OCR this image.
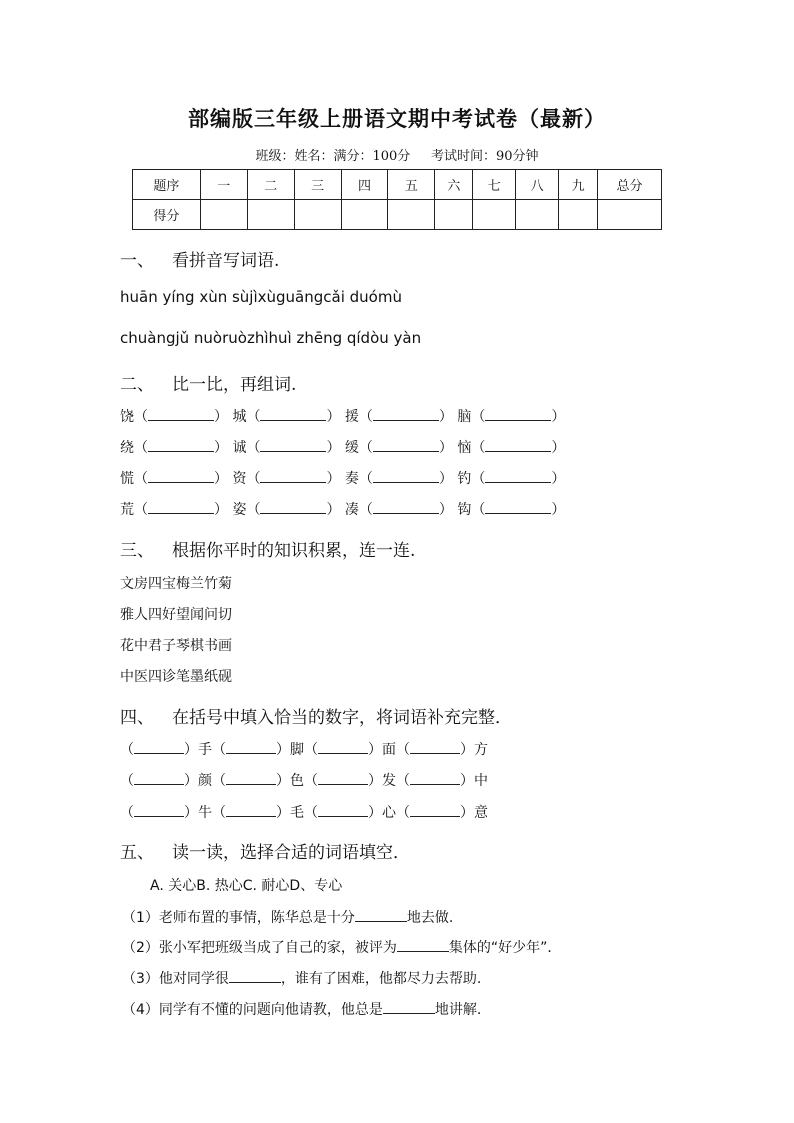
部编版三年级上册语文期中考试卷（最新）
班级：姓名：满分：100分 考试时间：90分钟
题序	一	二	三	四	五	六	七	八	九	总分
得分										
一、 看拼音写词语.
huān yíng xùn sùjìxùguāngcǎi duómù
chuàngjǔ nuòruòzhìhuì zhēng qídòu yàn
二、 比一比，再组词.
饶（	） 城（	） 援（	） 脑（	）
绕（	） 诚（	） 缓（	） 恼（	）
慌（	） 资（	） 奏（	） 钓（	）
荒（	） 姿（	） 凑（	） 钩（	）
三、 根据你平时的知识积累，连一连.
文房四宝梅兰竹菊
雅人四好望闻问切
花中君子琴棋书画
中医四诊笔墨纸砚
四、 在括号中填入恰当的数字，将词语补充完整．
（	）手（	）脚（	）面（	）方
（	）颜（	）色（	）发（	）中
（	）牛（	）毛（	）心（	）意
五、 读一读，选择合适的词语填空．
A. 关心B. 热心C. 耐心D、专心
（1）老师布置的事情，陈华总是十分	地去做.
（2）张小军把班级当成了自己的家，被评为	集体的“好少年”．
（3）他对同学很	，谁有了困难，他都尽力去帮助.
（4）同学有不懂的问题向他请教，他总是	地讲解.
